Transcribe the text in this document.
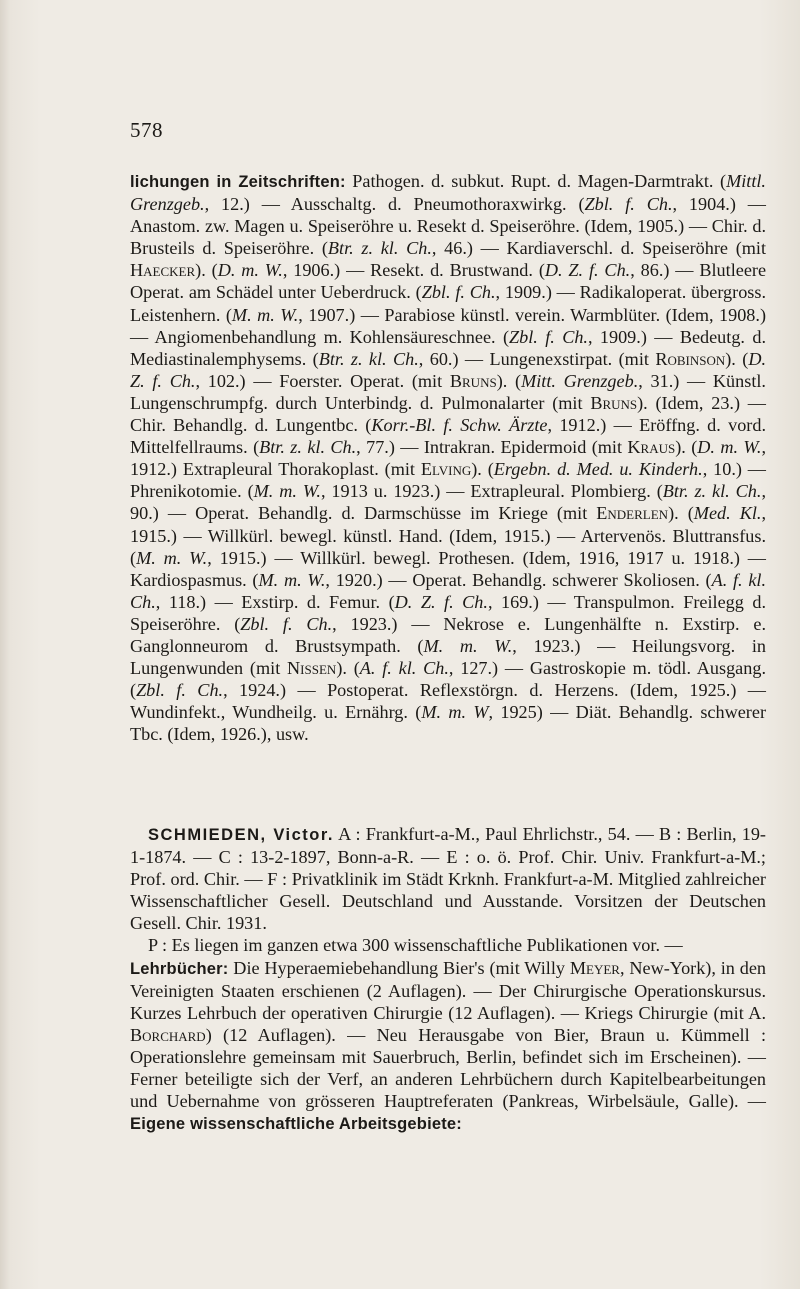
578

lichungen in Zeitschriften: Pathogen. d. subkut. Rupt. d. Magen-Darmtrakt. (Mittl. Grenzgeb., 12.) — Ausschaltg. d. Pneumothoraxwirkg. (Zbl. f. Ch., 1904.) — Anastom. zw. Magen u. Speiseröhre u. Resekt d. Speiseröhre. (Idem, 1905.) — Chir. d. Brusteils d. Speiseröhre. (Btr. z. kl. Ch., 46.) — Kardiaverschl. d. Speiseröhre (mit Haecker). (D. m. W., 1906.) — Resekt. d. Brustwand. (D. Z. f. Ch., 86.) — Blutleere Operat. am Schädel unter Ueberdruck. (Zbl. f. Ch., 1909.) — Radikaloperat. übergross. Leistenhern. (M. m. W., 1907.) — Parabiose künstl. verein. Warmblüter. (Idem, 1908.) — Angiomenbehandlung m. Kohlensäureschnee. (Zbl. f. Ch., 1909.) — Bedeutg. d. Mediastinalemphysems. (Btr. z. kl. Ch., 60.) — Lungenexstirpat. (mit Robinson). (D. Z. f. Ch., 102.) — Foerster. Operat. (mit Bruns). (Mitt. Grenzgeb., 31.) — Künstl. Lungenschrumpfg. durch Unterbindg. d. Pulmonalarter (mit Bruns). (Idem, 23.) — Chir. Behandlg. d. Lungentbc. (Korr.-Bl. f. Schw. Ärzte, 1912.) — Eröffng. d. vord. Mittelfellraums. (Btr. z. kl. Ch., 77.) — Intrakran. Epidermoid (mit Kraus). (D. m. W., 1912.) Extrapleural Thorakoplast. (mit Elving). (Ergebn. d. Med. u. Kinderh., 10.) — Phrenikotomie. (M. m. W., 1913 u. 1923.) — Extrapleural. Plombierg. (Btr. z. kl. Ch., 90.) — Operat. Behandlg. d. Darmschüsse im Kriege (mit Enderlen). (Med. Kl., 1915.) — Willkürl. bewegl. künstl. Hand. (Idem, 1915.) — Artervenös. Bluttransfus. (M. m. W., 1915.) — Willkürl. bewegl. Prothesen. (Idem, 1916, 1917 u. 1918.) — Kardiospasmus. (M. m. W., 1920.) — Operat. Behandlg. schwerer Skoliosen. (A. f. kl. Ch., 118.) — Exstirp. d. Femur. (D. Z. f. Ch., 169.) — Transpulmon. Freilegg d. Speiseröhre. (Zbl. f. Ch., 1923.) — Nekrose e. Lungenhälfte n. Exstirp. e. Ganglonneurom d. Brustsympath. (M. m. W., 1923.) — Heilungsvorg. in Lungenwunden (mit Nissen). (A. f. kl. Ch., 127.) — Gastroskopie m. tödl. Ausgang. (Zbl. f. Ch., 1924.) — Postoperat. Reflexstörgn. d. Herzens. (Idem, 1925.) — Wundinfekt., Wundheilg. u. Ernährg. (M. m. W, 1925) — Diät. Behandlg. schwerer Tbc. (Idem, 1926.), usw.

SCHMIEDEN, Victor. A : Frankfurt-a-M., Paul Ehrlichstr., 54. — B : Berlin, 19-1-1874. — C : 13-2-1897, Bonn-a-R. — E : o. ö. Prof. Chir. Univ. Frankfurt-a-M.; Prof. ord. Chir. — F : Privatklinik im Städt Krknh. Frankfurt-a-M. Mitglied zahlreicher Wissenschaftlicher Gesell. Deutschland und Ausstande. Vorsitzen der Deutschen Gesell. Chir. 1931.

P : Es liegen im ganzen etwa 300 wissenschaftliche Publikationen vor. —

Lehrbücher: Die Hyperaemiebehandlung Bier's (mit Willy Meyer, New-York), in den Vereinigten Staaten erschienen (2 Auflagen). — Der Chirurgische Operationskursus. Kurzes Lehrbuch der operativen Chirurgie (12 Auflagen). — Kriegs Chirurgie (mit A. Borchard) (12 Auflagen). — Neu Herausgabe von Bier, Braun u. Kümmell : Operationslehre gemeinsam mit Sauerbruch, Berlin, befindet sich im Erscheinen). — Ferner beteiligte sich der Verf, an anderen Lehrbüchern durch Kapitelbearbeitungen und Uebernahme von grösseren Hauptreferaten (Pankreas, Wirbelsäule, Galle). — Eigene wissenschaftliche Arbeitsgebiete:
